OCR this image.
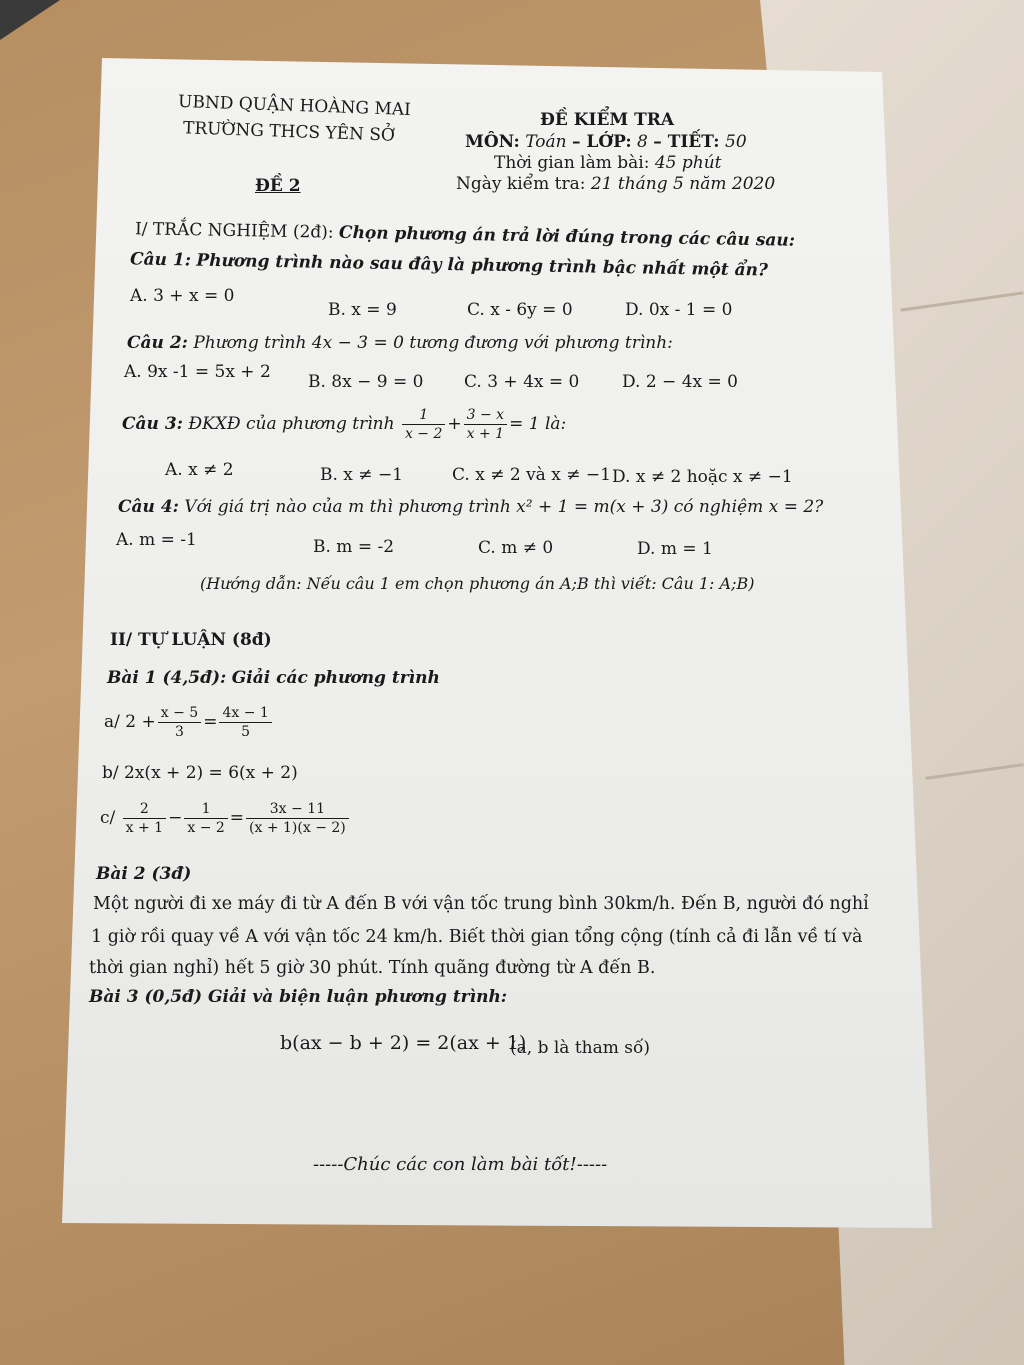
UBND QUẬN HOÀNG MAI
TRƯỜNG THCS YÊN SỞ
ĐỀ 2
ĐỀ KIỂM TRA
MÔN: Toán – LỚP: 8 – TIẾT: 50
Thời gian làm bài: 45 phút
Ngày kiểm tra: 21 tháng 5 năm 2020
I/ TRẮC NGHIỆM (2đ): Chọn phương án trả lời đúng trong các câu sau:
Câu 1: Phương trình nào sau đây là phương trình bậc nhất một ẩn?
A. 3 + x = 0
B. x = 9	C. x - 6y = 0	D. 0x - 1 = 0
Câu 2: Phương trình 4x − 3 = 0 tương đương với phương trình:
A. 9x -1 = 5x + 2 B. 8x − 9 = 0 C. 3 + 4x = 0	D. 2 − 4x = 0
Câu 3: ĐKXĐ của phương trình $\frac{1}{x - 2} + \frac{3 - x}{x + 1} = 1$ là:
A. x ≠ 2	B. x ≠ −1	C. x ≠ 2 và x ≠ −1 D. x ≠ 2 hoặc x ≠ −1
Câu 4: Với giá trị nào của m thì phương trình x² + 1 = m(x + 3) có nghiệm x = 2?
A. m = -1	B. m = -2	C. m ≠ 0	D. m = 1
(Hướng dẫn: Nếu câu 1 em chọn phương án A;B thì viết: Câu 1: A;B)
II/ TỰ LUẬN (8đ)
Bài 1 (4,5đ): Giải các phương trình
a/ $2 + \frac{x - 5}{3} = \frac{4x - 1}{5}$
b/ 2x(x + 2) = 6(x + 2)
$c/ \frac{2}{x + 1} - \frac{1}{x - 2} = \frac{3x - 11}{(x + 1)(x - 2)}$
Bài 2 (3đ)
Một người đi xe máy đi từ A đến B với vận tốc trung bình 30km/h. Đến B, người đó nghỉ
1 giờ rồi quay về A với vận tốc 24 km/h. Biết thời gian tổng cộng (tính cả đi lẫn về tí và
thời gian nghỉ) hết 5 giờ 30 phút. Tính quãng đường từ A đến B.
Bài 3 (0,5đ) Giải và biện luận phương trình:
b(ax − b + 2) = 2(ax + 1)
(a, b là tham số)
-----Chúc các con làm bài tốt!-----
